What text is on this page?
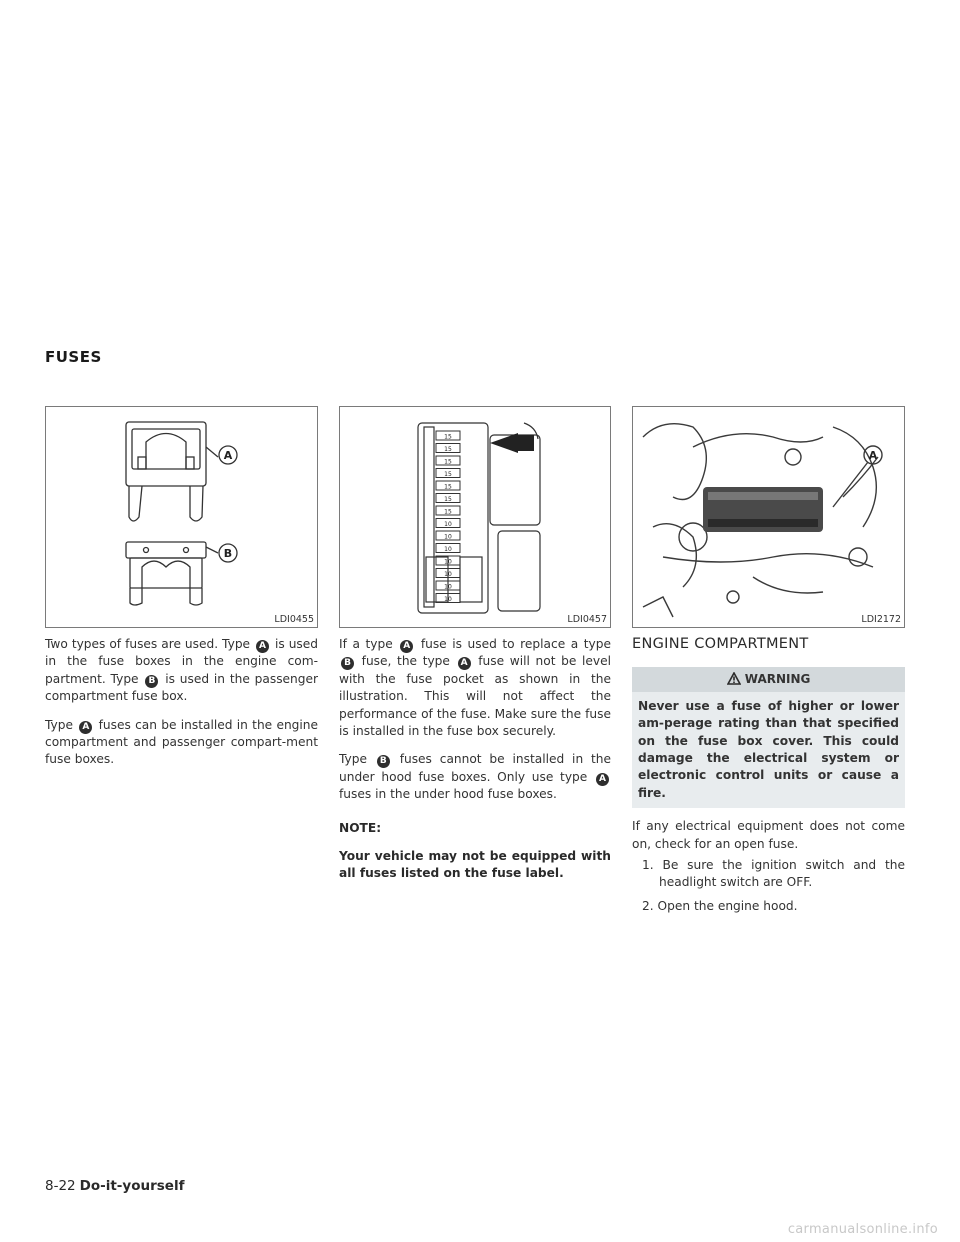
FUSES
A
B
LDI0455
15
15
15
15
15
15
15
10
10
10
10
10
10
10
LDI0457
A
LDI2172

Two types of fuses are used. Type A is used in the fuse boxes in the engine com-partment. Type B is used in the passenger compartment fuse box.

Type A fuses can be installed in the engine compartment and passenger compart-ment fuse boxes.

If a type A fuse is used to replace a type B fuse, the type A fuse will not be level with the fuse pocket as shown in the illustration. This will not affect the performance of the fuse. Make sure the fuse is installed in the fuse box securely.

Type B fuses cannot be installed in the under hood fuse boxes. Only use type A fuses in the under hood fuse boxes.

NOTE:

Your vehicle may not be equipped with all fuses listed on the fuse label.

ENGINE COMPARTMENT
WARNING
Never use a fuse of higher or lower am-perage rating than that specified on the fuse box cover. This could damage the electrical system or electronic control units or cause a fire.

If any electrical equipment does not come on, check for an open fuse.

1. Be sure the ignition switch and the headlight switch are OFF.
2. Open the engine hood.
8-22 Do-it-yourself
carmanualsonline.info
